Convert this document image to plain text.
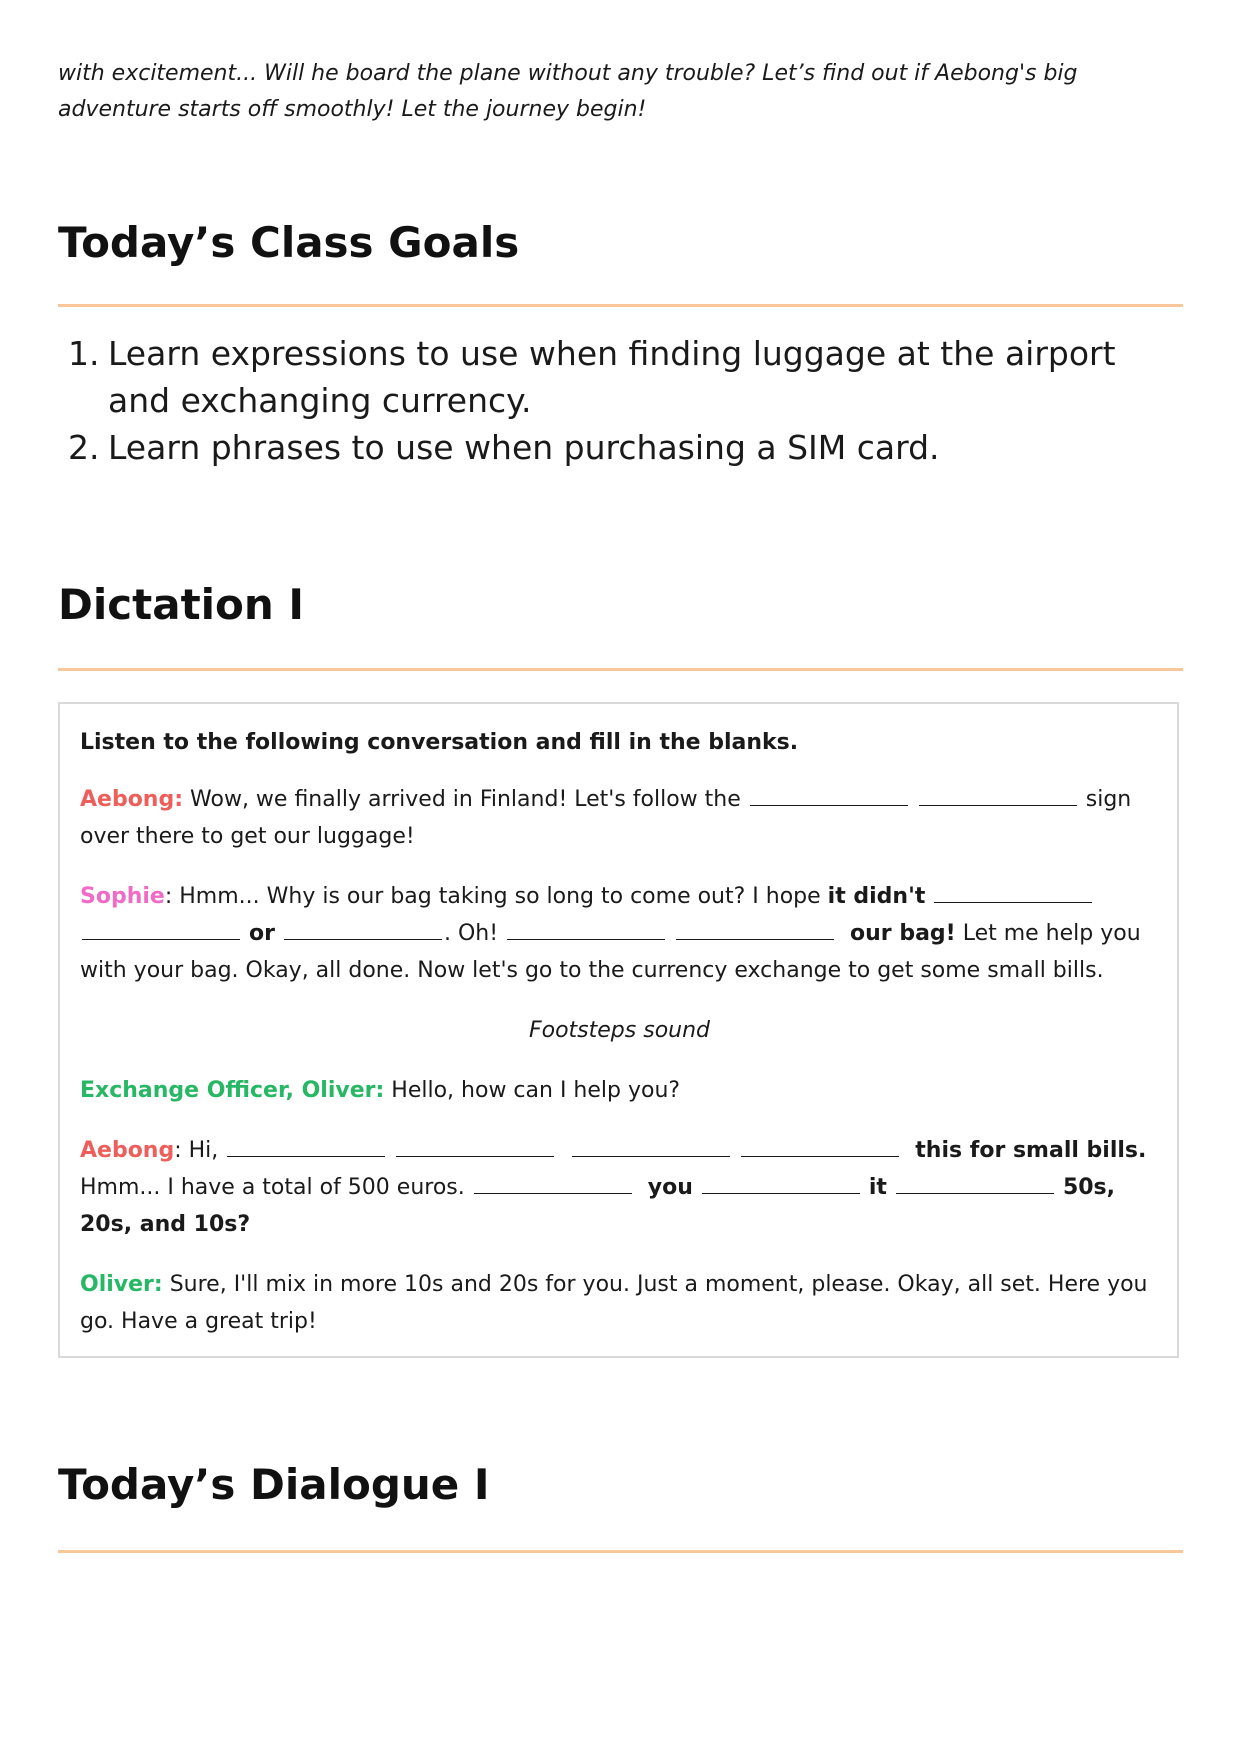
with excitement... Will he board the plane without any trouble? Let’s find out if Aebong's big
adventure starts off smoothly! Let the journey begin!
Today’s Class Goals
1. Learn expressions to use when finding luggage at the airport and exchanging currency.
2. Learn phrases to use when purchasing a SIM card.
Dictation I

Listen to the following conversation and fill in the blanks.

Aebong: Wow, we finally arrived in Finland! Let's follow the	sign over there to get our luggage!

Sophie: Hmm... Why is our bag taking so long to come out? I hope it didn't   or	. Oh!	our bag! Let me help you with your bag. Okay, all done. Now let's go to the currency exchange to get some small bills.

Footsteps sound

Exchange Officer, Oliver: Hello, how can I help you?

Aebong: Hi,	this for small bills. Hmm... I have a total of 500 euros.	you	it	50s, 20s, and 10s?

Oliver: Sure, I'll mix in more 10s and 20s for you. Just a moment, please. Okay, all set. Here you go. Have a great trip!

Today’s Dialogue I
